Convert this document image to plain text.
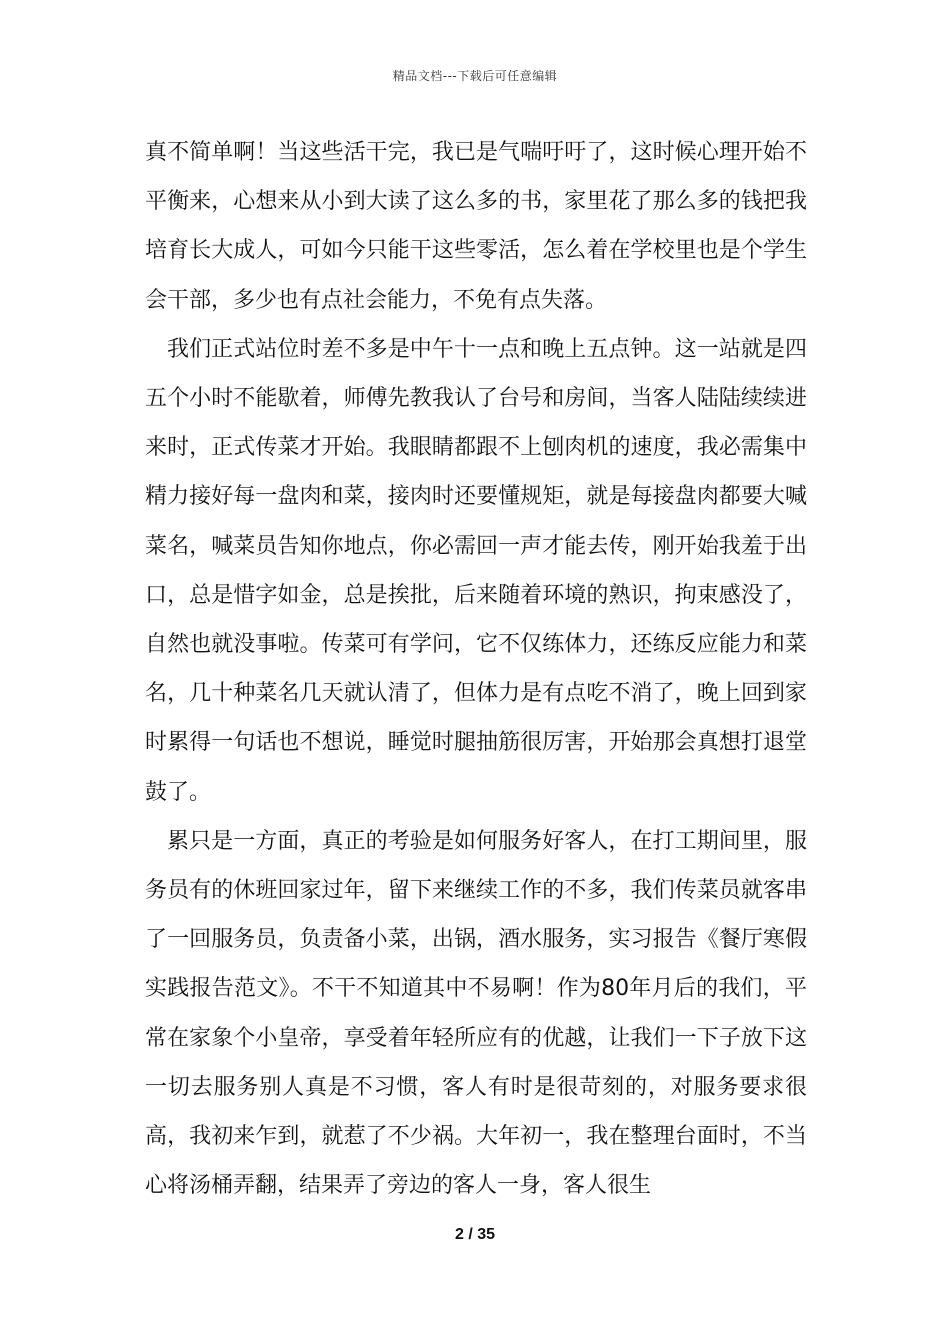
精品文档---下载后可任意编辑

真不简单啊！当这些活干完，我已是气喘吁吁了，这时候心理开始不平衡来，心想来从小到大读了这么多的书，家里花了那么多的钱把我培育长大成人，可如今只能干这些零活，怎么着在学校里也是个学生会干部，多少也有点社会能力，不免有点失落。

我们正式站位时差不多是中午十一点和晚上五点钟。这一站就是四五个小时不能歇着，师傅先教我认了台号和房间，当客人陆陆续续进来时，正式传菜才开始。我眼睛都跟不上刨肉机的速度，我必需集中精力接好每一盘肉和菜，接肉时还要懂规矩，就是每接盘肉都要大喊菜名，喊菜员告知你地点，你必需回一声才能去传，刚开始我羞于出口，总是惜字如金，总是挨批，后来随着环境的熟识，拘束感没了，自然也就没事啦。传菜可有学问，它不仅练体力，还练反应能力和菜名，几十种菜名几天就认清了，但体力是有点吃不消了，晚上回到家时累得一句话也不想说，睡觉时腿抽筋很厉害，开始那会真想打退堂鼓了。

累只是一方面，真正的考验是如何服务好客人，在打工期间里，服务员有的休班回家过年，留下来继续工作的不多，我们传菜员就客串了一回服务员，负责备小菜，出锅，酒水服务，实习报告《餐厅寒假实践报告范文》。不干不知道其中不易啊！作为80年月后的我们，平常在家象个小皇帝，享受着年轻所应有的优越，让我们一下子放下这一切去服务别人真是不习惯，客人有时是很苛刻的，对服务要求很高，我初来乍到，就惹了不少祸。大年初一，我在整理台面时，不当心将汤桶弄翻，结果弄了旁边的客人一身，客人很生

2 / 35
